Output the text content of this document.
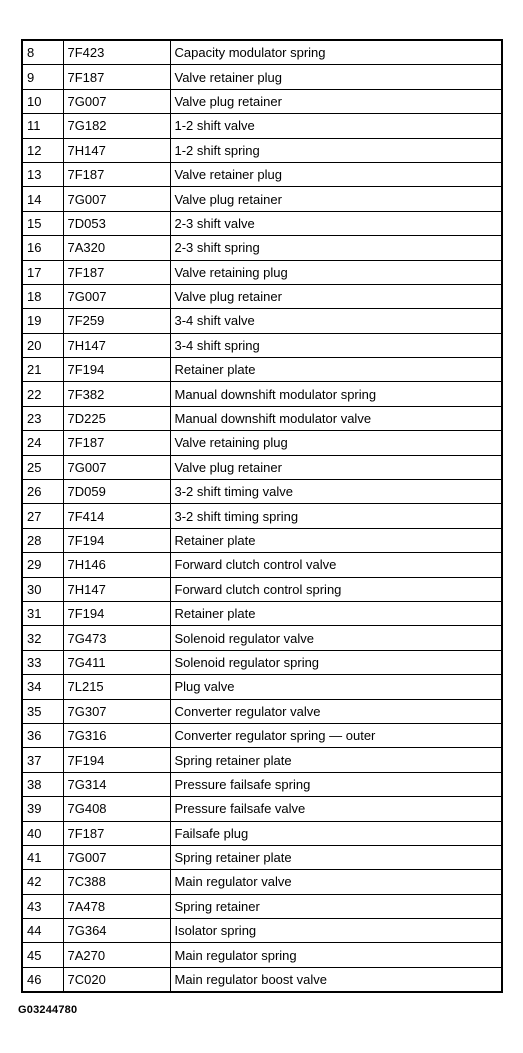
8	7F423	Capacity modulator spring
9	7F187	Valve retainer plug
10	7G007	Valve plug retainer
11	7G182	1-2 shift valve
12	7H147	1-2 shift spring
13	7F187	Valve retainer plug
14	7G007	Valve plug retainer
15	7D053	2-3 shift valve
16	7A320	2-3 shift spring
17	7F187	Valve retaining plug
18	7G007	Valve plug retainer
19	7F259	3-4 shift valve
20	7H147	3-4 shift spring
21	7F194	Retainer plate
22	7F382	Manual downshift modulator spring
23	7D225	Manual downshift modulator valve
24	7F187	Valve retaining plug
25	7G007	Valve plug retainer
26	7D059	3-2 shift timing valve
27	7F414	3-2 shift timing spring
28	7F194	Retainer plate
29	7H146	Forward clutch control valve
30	7H147	Forward clutch control spring
31	7F194	Retainer plate
32	7G473	Solenoid regulator valve
33	7G411	Solenoid regulator spring
34	7L215	Plug valve
35	7G307	Converter regulator valve
36	7G316	Converter regulator spring — outer
37	7F194	Spring retainer plate
38	7G314	Pressure failsafe spring
39	7G408	Pressure failsafe valve
40	7F187	Failsafe plug
41	7G007	Spring retainer plate
42	7C388	Main regulator valve
43	7A478	Spring retainer
44	7G364	Isolator spring
45	7A270	Main regulator spring
46	7C020	Main regulator boost valve
G03244780
